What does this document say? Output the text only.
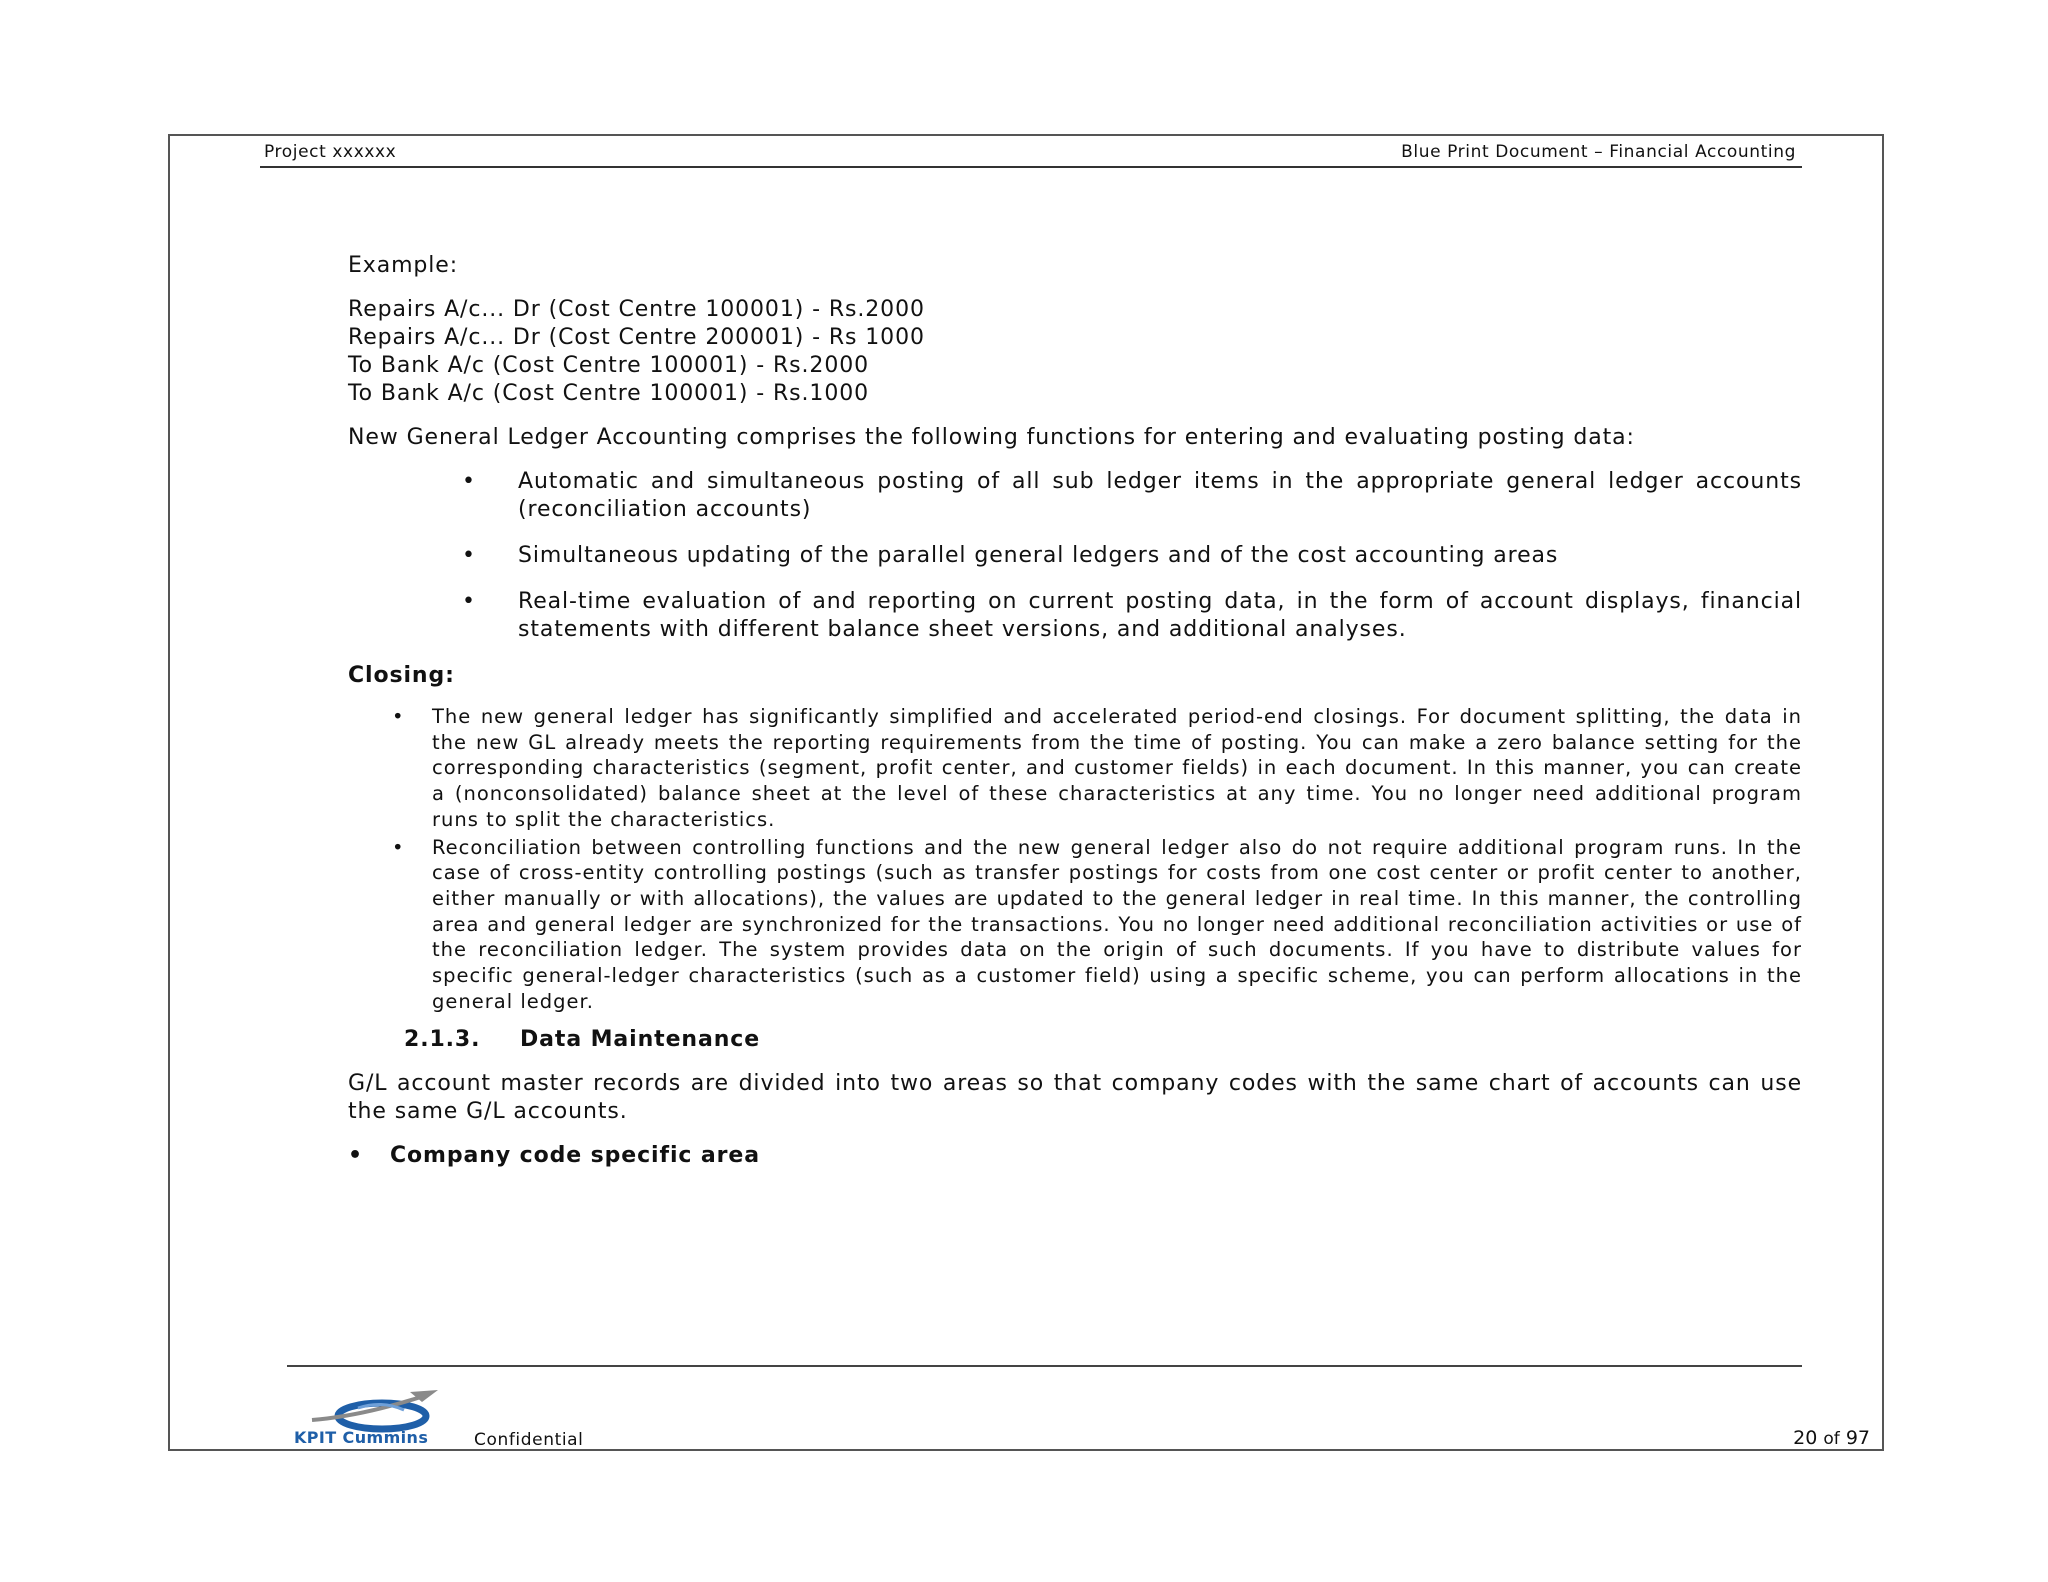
Project xxxxxx	Blue Print Document – Financial Accounting

Example:

Repairs A/c... Dr (Cost Centre 100001) - Rs.2000
Repairs A/c... Dr (Cost Centre 200001) - Rs 1000
To Bank A/c (Cost Centre 100001) - Rs.2000
To Bank A/c (Cost Centre 100001) - Rs.1000

New General Ledger Accounting comprises the following functions for entering and evaluating posting data:

• Automatic and simultaneous posting of all sub ledger items in the appropriate general ledger accounts (reconciliation accounts)
• Simultaneous updating of the parallel general ledgers and of the cost accounting areas
• Real-time evaluation of and reporting on current posting data, in the form of account displays, financial statements with different balance sheet versions, and additional analyses.

Closing:

• The new general ledger has significantly simplified and accelerated period-end closings. For document splitting, the data in the new GL already meets the reporting requirements from the time of posting. You can make a zero balance setting for the corresponding characteristics (segment, profit center, and customer fields) in each document. In this manner, you can create a (nonconsolidated) balance sheet at the level of these characteristics at any time. You no longer need additional program runs to split the characteristics.
• Reconciliation between controlling functions and the new general ledger also do not require additional program runs. In the case of cross-entity controlling postings (such as transfer postings for costs from one cost center or profit center to another, either manually or with allocations), the values are updated to the general ledger in real time. In this manner, the controlling area and general ledger are synchronized for the transactions. You no longer need additional reconciliation activities or use of the reconciliation ledger. The system provides data on the origin of such documents. If you have to distribute values for specific general-ledger characteristics (such as a customer field) using a specific scheme, you can perform allocations in the general ledger.

2.1.3. Data Maintenance

G/L account master records are divided into two areas so that company codes with the same chart of accounts can use the same G/L accounts.

• Company code specific area

KPIT Cummins	Confidential	20 of 97
